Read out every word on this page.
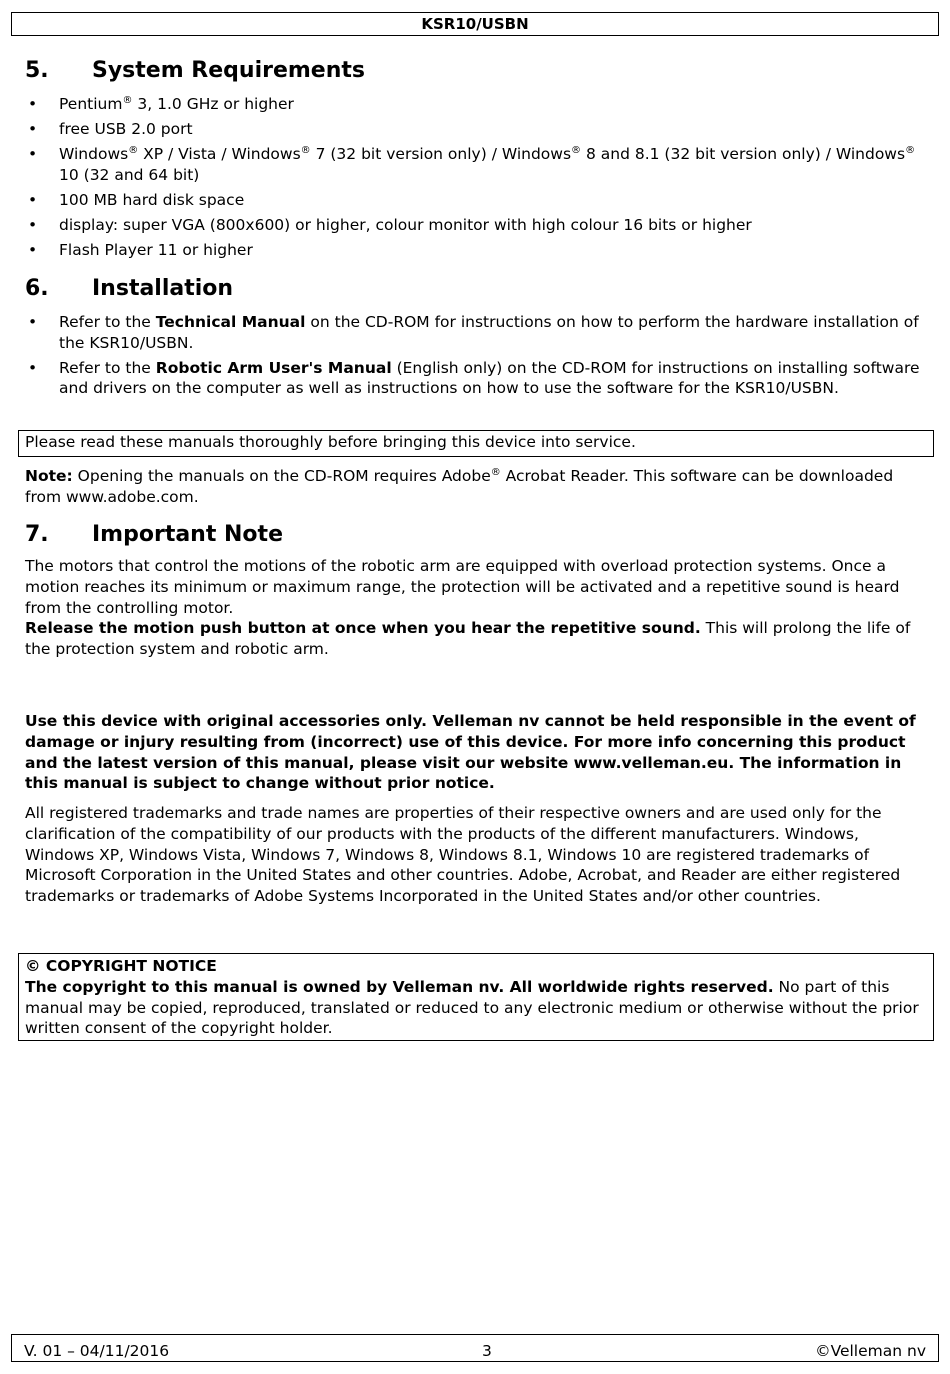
KSR10/USBN
5. System Requirements
• Pentium® 3, 1.0 GHz or higher
• free USB 2.0 port
• Windows® XP / Vista / Windows® 7 (32 bit version only) / Windows® 8 and 8.1 (32 bit version only) / Windows® 10 (32 and 64 bit)
• 100 MB hard disk space
• display: super VGA (800x600) or higher, colour monitor with high colour 16 bits or higher
• Flash Player 11 or higher
6. Installation
• Refer to the Technical Manual on the CD-ROM for instructions on how to perform the hardware installation of the KSR10/USBN.
• Refer to the Robotic Arm User's Manual (English only) on the CD-ROM for instructions on installing software and drivers on the computer as well as instructions on how to use the software for the KSR10/USBN.
Please read these manuals thoroughly before bringing this device into service.

Note: Opening the manuals on the CD-ROM requires Adobe® Acrobat Reader. This software can be downloaded from www.adobe.com.

7. Important Note

The motors that control the motions of the robotic arm are equipped with overload protection systems. Once a motion reaches its minimum or maximum range, the protection will be activated and a repetitive sound is heard from the controlling motor.
Release the motion push button at once when you hear the repetitive sound. This will prolong the life of the protection system and robotic arm.

Use this device with original accessories only. Velleman nv cannot be held responsible in the event of damage or injury resulting from (incorrect) use of this device. For more info concerning this product and the latest version of this manual, please visit our website www.velleman.eu. The information in this manual is subject to change without prior notice.

All registered trademarks and trade names are properties of their respective owners and are used only for the clarification of the compatibility of our products with the products of the different manufacturers. Windows, Windows XP, Windows Vista, Windows 7, Windows 8, Windows 8.1, Windows 10 are registered trademarks of Microsoft Corporation in the United States and other countries. Adobe, Acrobat, and Reader are either registered trademarks or trademarks of Adobe Systems Incorporated in the United States and/or other countries.

© COPYRIGHT NOTICE
The copyright to this manual is owned by Velleman nv. All worldwide rights reserved. No part of this manual may be copied, reproduced, translated or reduced to any electronic medium or otherwise without the prior written consent of the copyright holder.
V. 01 – 04/11/2016	3	©Velleman nv
